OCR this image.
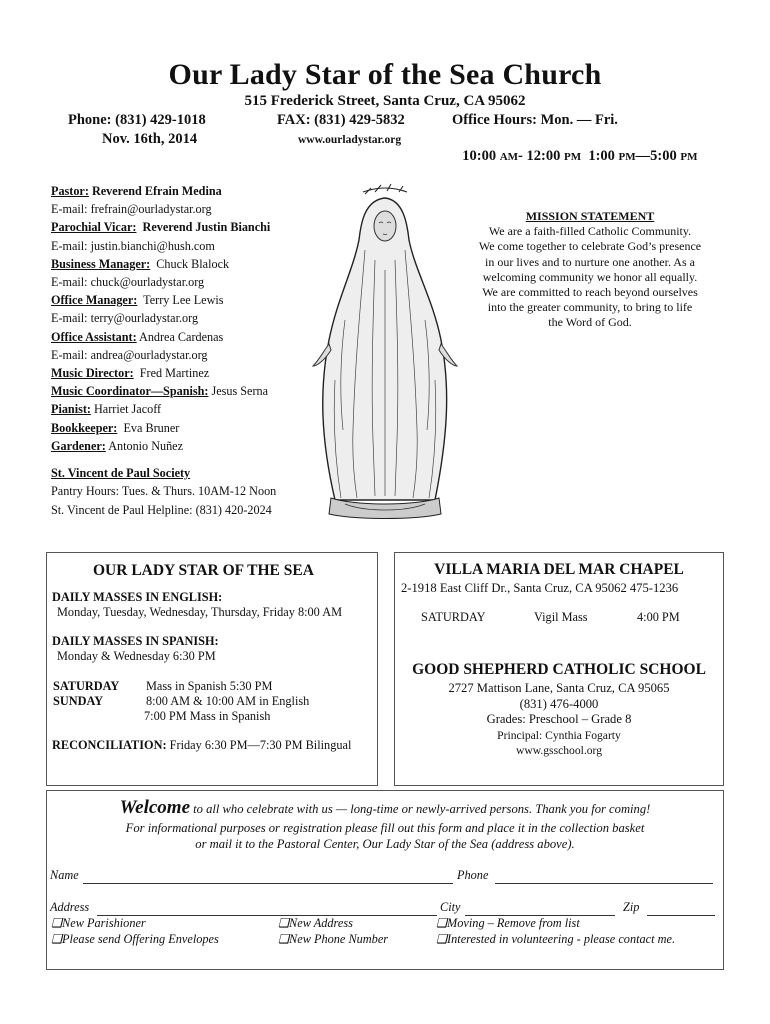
Our Lady Star of the Sea Church
515 Frederick Street, Santa Cruz, CA 95062
Phone: (831) 429-1018	FAX: (831) 429-5832	Office Hours: Mon. — Fri.
Nov. 16th, 2014	www.ourladystar.org

10:00 AM- 12:00 PM  1:00 PM—5:00 PM

Pastor: Reverend Efrain Medina
E-mail: frefrain@ourladystar.org
Parochial Vicar:  Reverend Justin Bianchi
E-mail: justin.bianchi@hush.com
Business Manager:  Chuck Blalock
E-mail: chuck@ourladystar.org
Office Manager:  Terry Lee Lewis
E-mail: terry@ourladystar.org
Office Assistant: Andrea Cardenas
E-mail: andrea@ourladystar.org
Music Director:  Fred Martinez
Music Coordinator—Spanish: Jesus Serna
Pianist: Harriet Jacoff
Bookkeeper:  Eva Bruner
Gardener: Antonio Nuñez
St. Vincent de Paul Society
Pantry Hours: Tues. & Thurs. 10AM-12 Noon
St. Vincent de Paul Helpline: (831) 420-2024
MISSION STATEMENT
We are a faith-filled Catholic Community.
We come together to celebrate God’s presence
in our lives and to nurture one another. As a
welcoming community we honor all equally.
We are committed to reach beyond ourselves
into the greater community, to bring to life
the Word of God.
OUR LADY STAR OF THE SEA
DAILY MASSES IN ENGLISH:
Monday, Tuesday, Wednesday, Thursday, Friday 8:00 AM
DAILY MASSES IN SPANISH:
Monday & Wednesday 6:30 PM
SATURDAY Mass in Spanish 5:30 PM
SUNDAY	8:00 AM & 10:00 AM in English
7:00 PM Mass in Spanish
RECONCILIATION: Friday 6:30 PM—7:30 PM Bilingual
VILLA MARIA DEL MAR CHAPEL
2-1918 East Cliff Dr., Santa Cruz, CA 95062 475-1236
SATURDAY	Vigil Mass	4:00 PM
GOOD SHEPHERD CATHOLIC SCHOOL
2727 Mattison Lane, Santa Cruz, CA 95065
(831) 476-4000
Grades: Preschool – Grade 8
Principal: Cynthia Fogarty
www.gsschool.org
Welcome to all who celebrate with us — long-time or newly-arrived persons. Thank you for coming!
For informational purposes or registration please fill out this form and place it in the collection basket
or mail it to the Pastoral Center, Our Lady Star of the Sea (address above).
Name	Phone
Address	City	Zip
❏New Parishioner	❏New Address	❏Moving – Remove from list
❏Please send Offering Envelopes	❏New Phone Number	❏Interested in volunteering - please contact me.
